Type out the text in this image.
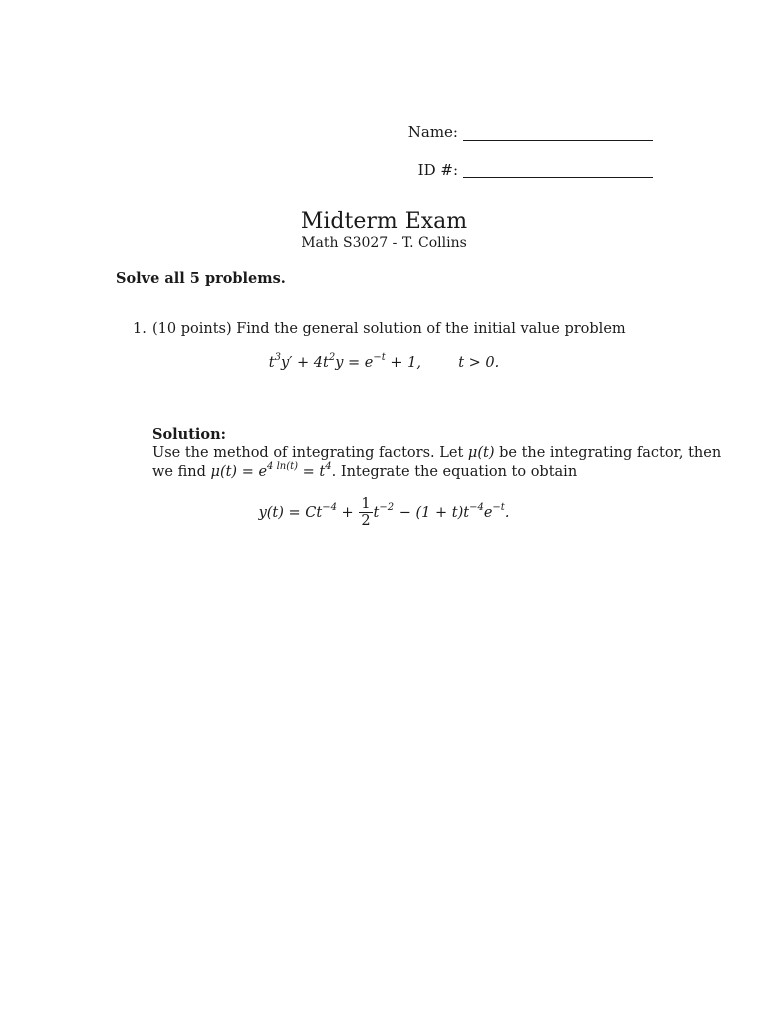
Name:
ID #:
Midterm Exam
Math S3027 - T. Collins
Solve all 5 problems.
1. (10 points) Find the general solution of the initial value problem
$t^3y' + 4t^2y = e^{-t} + 1$,	t > 0.
Solution:
Use the method of integrating factors. Let μ(t) be the integrating factor, then
we find $\mu(t) = e^{4 ln(t)} = t^4$. Integrate the equation to obtain
$y(t) = Ct^{-4} + \frac{1}{2} t^{-2} - (1 + t)t^{-4}e^{-t}$.
